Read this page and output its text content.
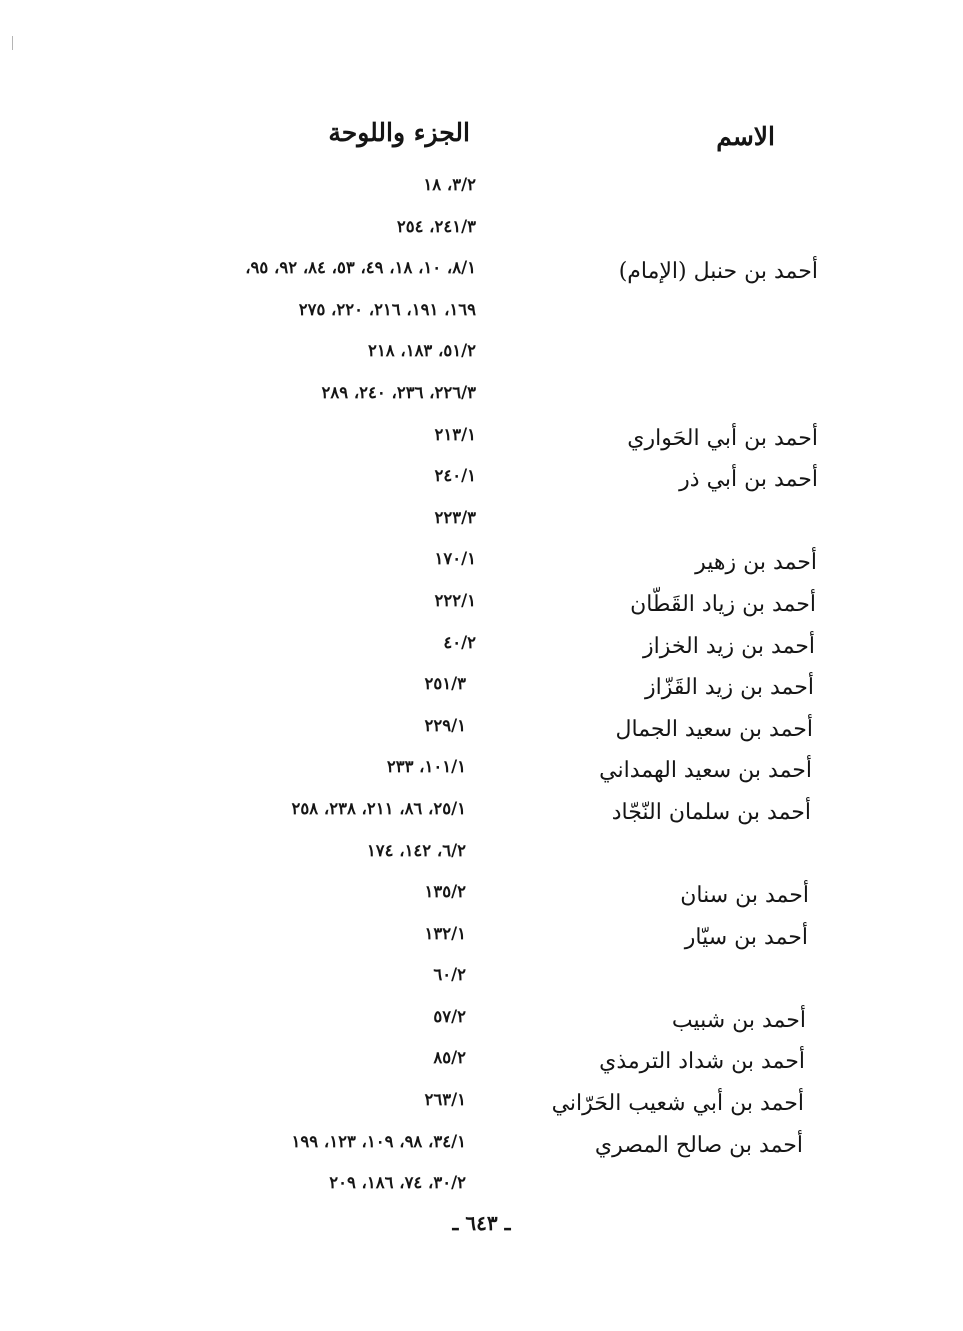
الاسم
الجزء واللوحة
٣/٢، ١٨
٢٤١/٣، ٢٥٤
أحمد بن حنبل (الإمام)
٨/١، ١٠، ١٨، ٤٩، ٥٣، ٨٤، ٩٢، ٩٥،
١٦٩، ١٩١، ٢١٦، ٢٢٠، ٢٧٥
٥١/٢، ١٨٣، ٢١٨
٢٢٦/٣، ٢٣٦، ٢٤٠، ٢٨٩
أحمد بن أبي الحَواري
٢١٣/١
أحمد بن أبي ذر
٢٤٠/١
٢٢٣/٣
أحمد بن زهير
١٧٠/١
أحمد بن زياد القَطّان
٢٢٢/١
أحمد بن زيد الخزاز
٤٠/٢
أحمد بن زيد القَزّاز
٢٥١/٣
أحمد بن سعيد الجمال
٢٢٩/١
أحمد بن سعيد الهمداني
١٠١/١، ٢٣٣
أحمد بن سلمان النّجّاد
٢٥/١، ٨٦، ٢١١، ٢٣٨، ٢٥٨
٦/٢، ١٤٢، ١٧٤
أحمد بن سنان
١٣٥/٢
أحمد بن سيّار
١٣٢/١
٦٠/٢
أحمد بن شبيب
٥٧/٢
أحمد بن شداد الترمذي
٨٥/٢
أحمد بن أبي شعيب الحَرّاني
٢٦٣/١
أحمد بن صالح المصري
٣٤/١، ٩٨، ١٠٩، ١٢٣، ١٩٩
٣٠/٢، ٧٤، ١٨٦، ٢٠٩
ـ ٦٤٣ ـ
